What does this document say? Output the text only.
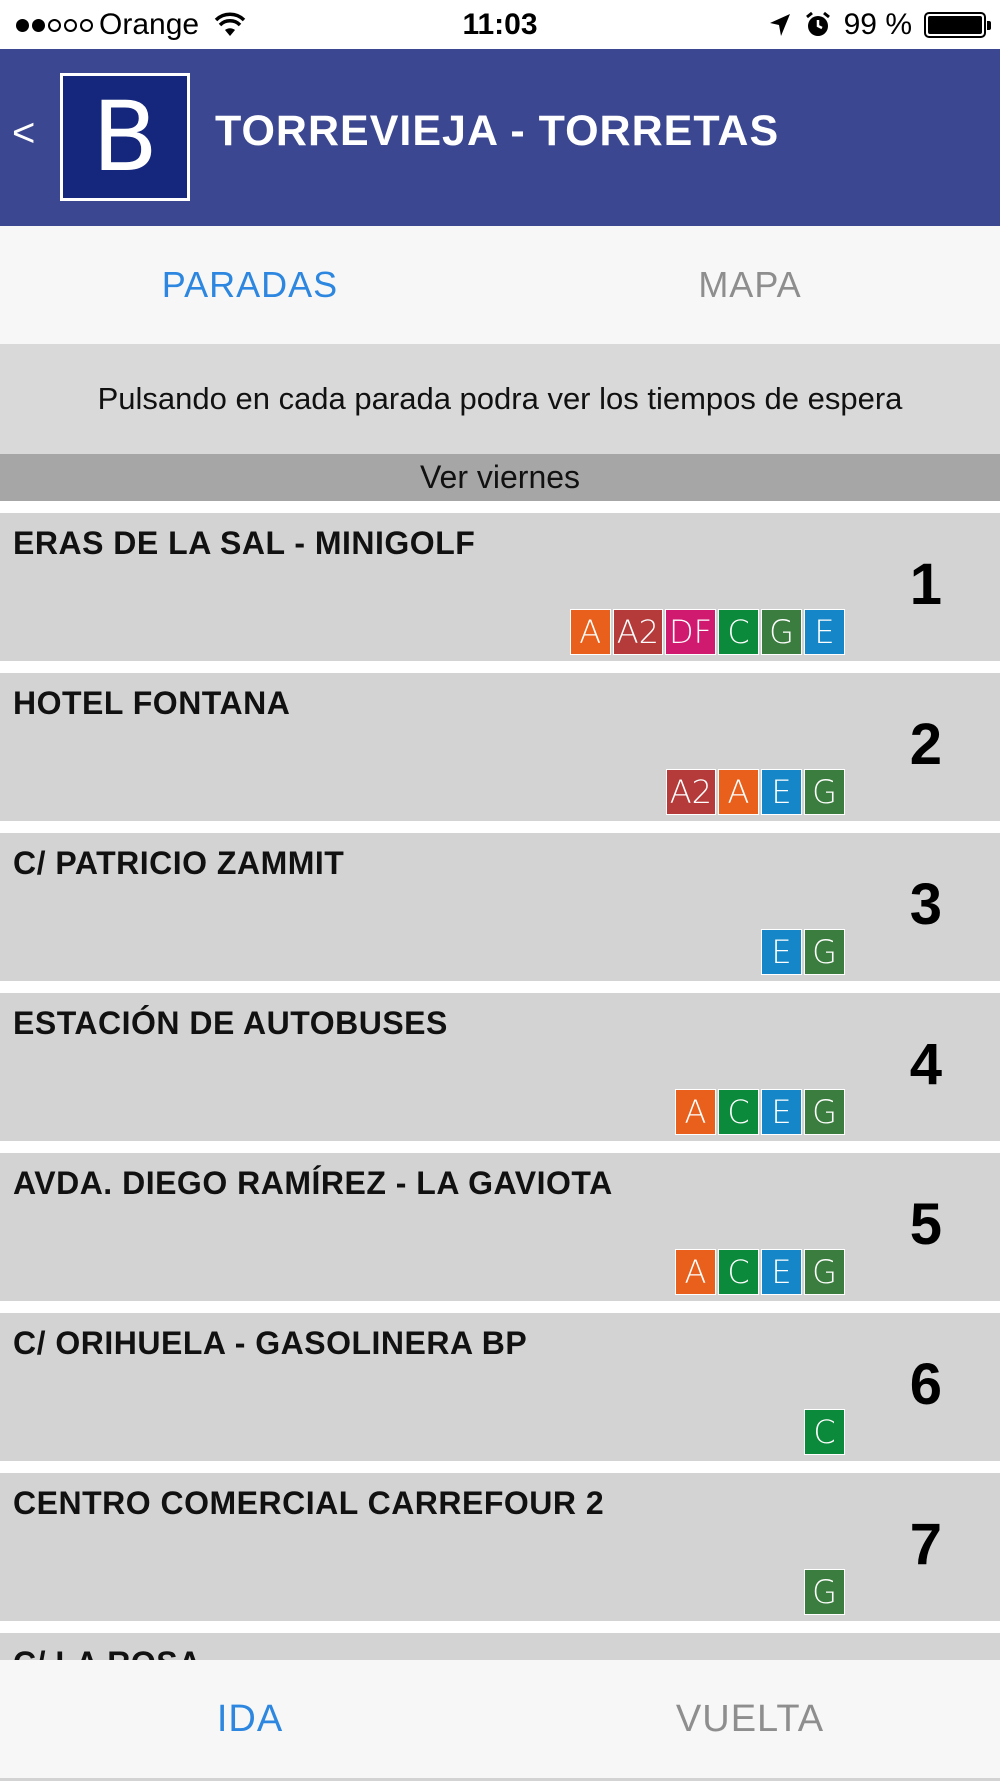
Orange	11:03	99 %
< B TORREVIEJA - TORRETAS
PARADAS	MAPA
Pulsando en cada parada podra ver los tiempos de espera
Ver viernes
ERAS DE LA SAL - MINIGOLF
1
A A2 DF C G E
HOTEL FONTANA
2
A2 A E G
C/ PATRICIO ZAMMIT
3
E G
ESTACIÓN DE AUTOBUSES
4
A C E G
AVDA. DIEGO RAMÍREZ - LA GAVIOTA
5
A C E G
C/ ORIHUELA - GASOLINERA BP
6
C
CENTRO COMERCIAL CARREFOUR 2
7
G
IDA	VUELTA
